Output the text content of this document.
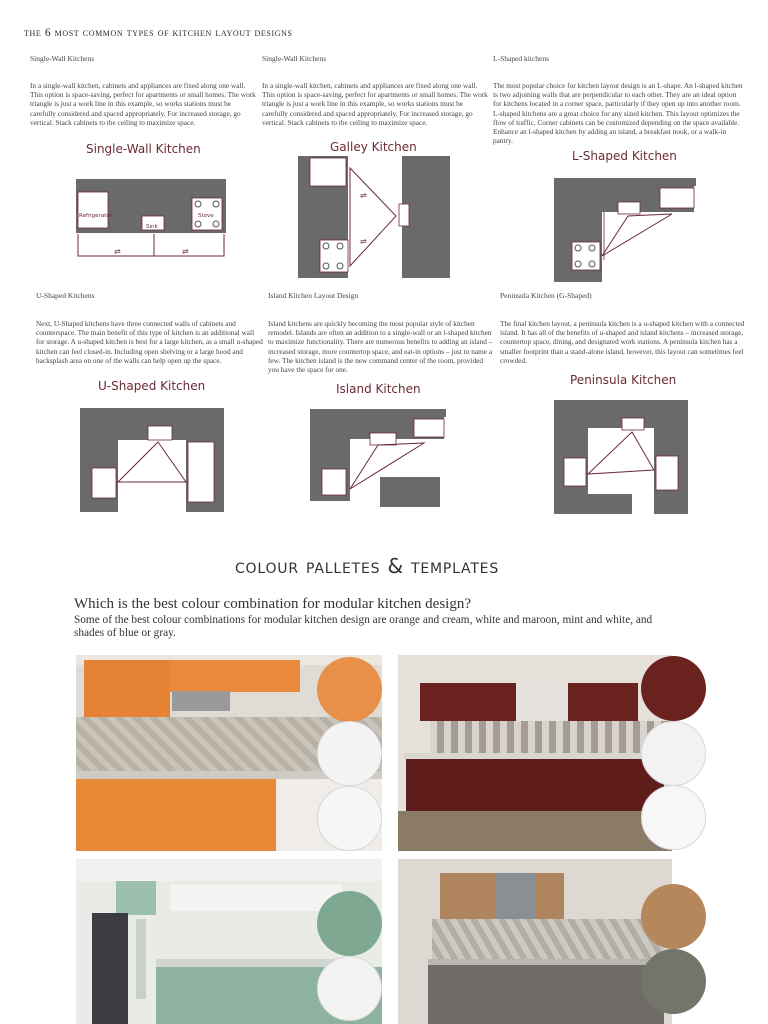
the 6 most common types of kitchen layout designs
Single-Wall Kitchens
In a single-wall kitchen, cabinets and appliances are fixed along one wall. This option is space-saving, perfect for apartments or small homes. The work triangle is just a work line in this example, so works stations must be carefully considered and spaced appropriately. For increased storage, go vertical. Stack cabinets to the ceiling to maximize space.
Single-Wall Kitchens
In a single-wall kitchen, cabinets and appliances are fixed along one wall. This option is space-saving, perfect for apartments or small homes. The work triangle is just a work line in this example, so works stations must be carefully considered and spaced appropriately. For increased storage, go vertical. Stack cabinets to the ceiling to maximize space.
L-Shaped kitchens
The most popular choice for kitchen layout design is an L-shape. An l-shaped kitchen is two adjoining walls that are perpendicular to each other. They are an ideal option for kitchens located in a corner space, particularly if they open up into another room. L-shaped kitchens are a great choice for any sized kitchen. This layout optimizes the flow of traffic. Corner cabinets can be customized depending on the space available. Enhance an l-shaped kitchen by adding an island, a breakfast nook, or a walk-in pantry.
Single-Wall Kitchen	Galley Kitchen
L-Shaped Kitchen
Refrigerator
Sink
Stove
⇌	⇌
⇌
⇌
U-Shaped Kitchens
Next, U-Shaped kitchens have three connected walls of cabinets and counterspace. The main benefit of this type of kitchen is an additional wall for storage. A u-shaped kitchen is best for a large kitchen, as a small u-shaped kitchen can feel closed-in. Including open shelving or a large hood and backsplash area on one of the walls can help open up the space.
Island Kitchen Layout Design
Island kitchens are quickly becoming the most popular style of kitchen remodel. Islands are often an addition to a single-wall or an l-shaped kitchen to maximize functionality. There are numerous benefits to adding an island – increased storage, more countertop space, and eat-in options – just to name a few. The kitchen island is the new command center of the room, provided you have the space for one.
Peninsula Kitchen (G-Shaped)
The final kitchen layout, a peninsula kitchen is a u-shaped kitchen with a connected island. It has all of the benefits of u-shaped and island kitchens – increased storage, countertop space, dining, and designated work stations. A peninsula kitchen has a smaller footprint than a stand-alone island, however, this layout can sometimes feel crowded.
U-Shaped Kitchen	Island Kitchen
Peninsula Kitchen
colour palletes & templates
Which is the best colour combination for modular kitchen design?
Some of the best colour combinations for modular kitchen design are orange and cream, white and maroon, mint and white, and shades of blue or gray.
